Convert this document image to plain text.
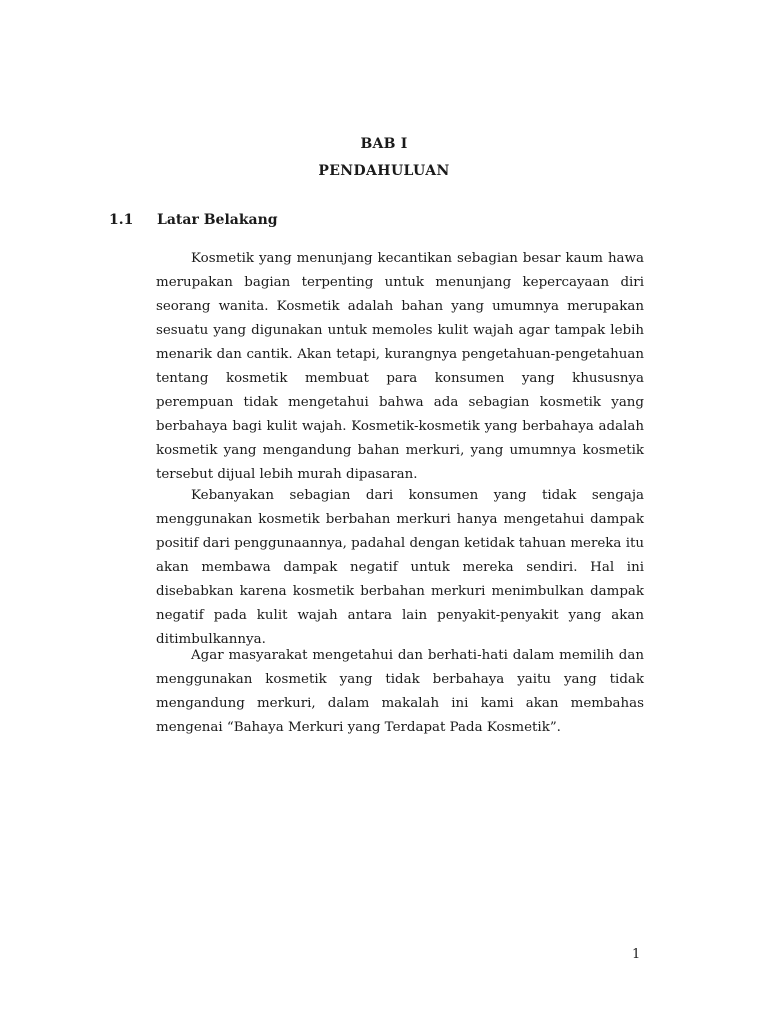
BAB I
PENDAHULUAN
1.1	Latar Belakang

Kosmetik yang menunjang kecantikan sebagian besar kaum hawa merupakan bagian terpenting untuk menunjang kepercayaan diri seorang wanita. Kosmetik adalah bahan yang umumnya merupakan sesuatu yang digunakan untuk memoles kulit wajah agar tampak lebih menarik dan cantik. Akan tetapi, kurangnya pengetahuan-pengetahuan tentang kosmetik membuat para konsumen yang khususnya perempuan tidak mengetahui bahwa ada sebagian kosmetik yang berbahaya bagi kulit wajah. Kosmetik-kosmetik yang berbahaya adalah kosmetik yang mengandung bahan merkuri, yang umumnya kosmetik tersebut dijual lebih murah dipasaran.

Kebanyakan sebagian dari konsumen yang tidak sengaja menggunakan kosmetik berbahan merkuri hanya mengetahui dampak positif dari penggunaannya, padahal dengan ketidak tahuan mereka itu akan membawa dampak negatif untuk mereka sendiri. Hal ini disebabkan karena kosmetik berbahan merkuri menimbulkan dampak negatif pada kulit wajah antara lain penyakit-penyakit yang akan ditimbulkannya.

Agar masyarakat mengetahui dan berhati-hati dalam memilih dan menggunakan kosmetik yang tidak berbahaya yaitu yang tidak mengandung merkuri, dalam makalah ini kami akan membahas mengenai “Bahaya Merkuri yang Terdapat Pada Kosmetik”.

1
